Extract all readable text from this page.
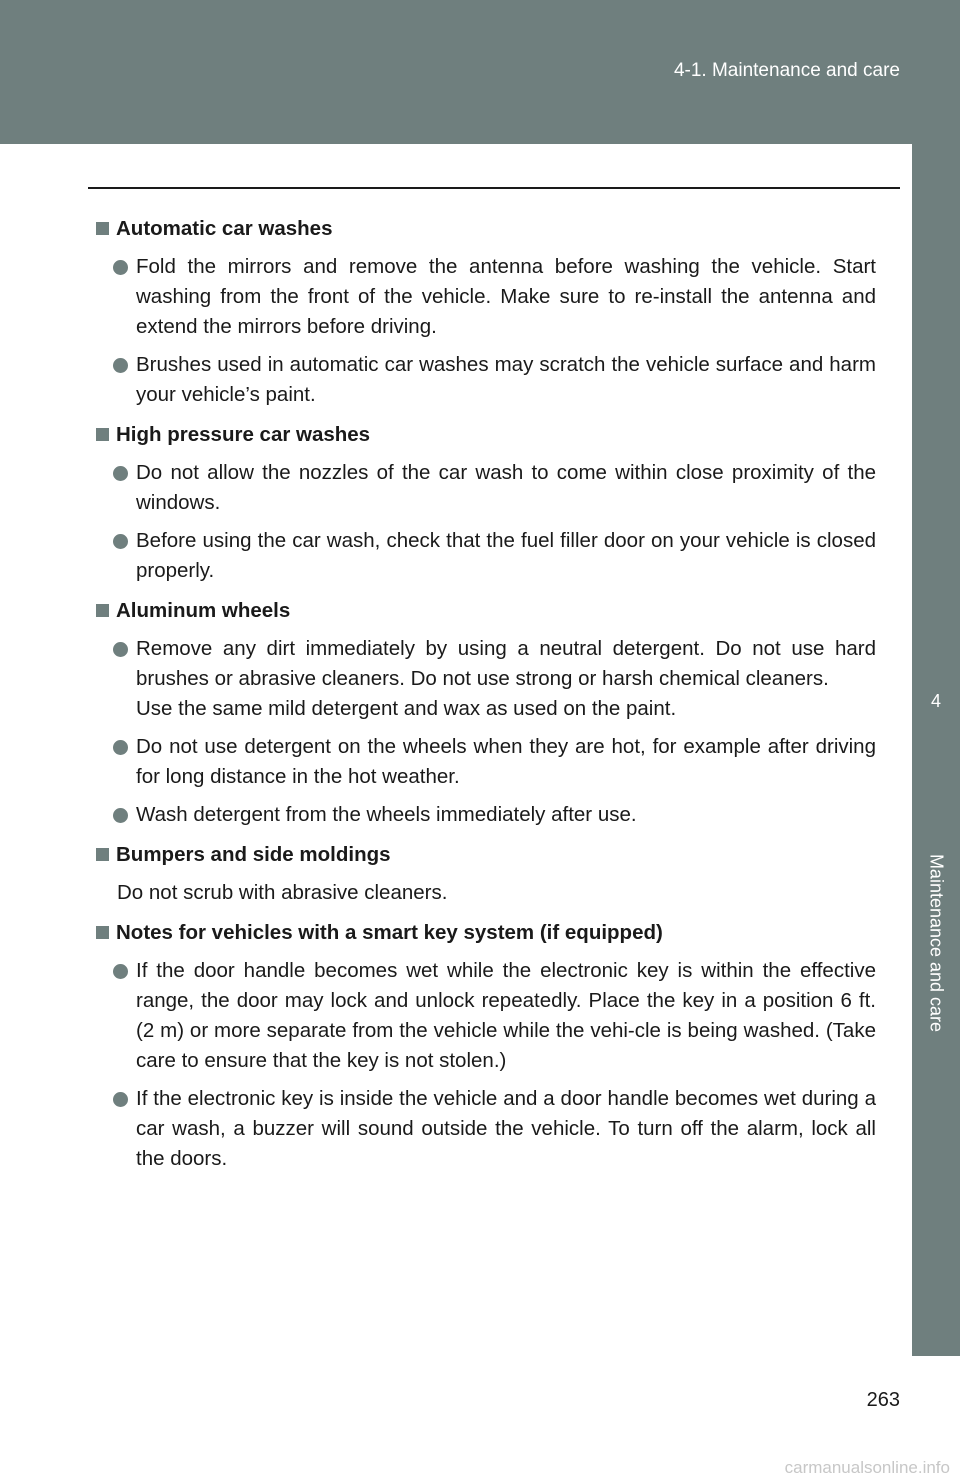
4-1. Maintenance and care
4
Maintenance and care
Automatic car washes
Fold the mirrors and remove the antenna before washing the vehicle. Start washing from the front of the vehicle. Make sure to re-install the antenna and extend the mirrors before driving.
Brushes used in automatic car washes may scratch the vehicle surface and harm your vehicle’s paint.
High pressure car washes
Do not allow the nozzles of the car wash to come within close proximity of the windows.
Before using the car wash, check that the fuel filler door on your vehicle is closed properly.
Aluminum wheels
Remove any dirt immediately by using a neutral detergent. Do not use hard brushes or abrasive cleaners. Do not use strong or harsh chemical cleaners.
Use the same mild detergent and wax as used on the paint.
Do not use detergent on the wheels when they are hot, for example after driving for long distance in the hot weather.
Wash detergent from the wheels immediately after use.
Bumpers and side moldings
Do not scrub with abrasive cleaners.
Notes for vehicles with a smart key system (if equipped)
If the door handle becomes wet while the electronic key is within the effective range, the door may lock and unlock repeatedly. Place the key in a position 6 ft. (2 m) or more separate from the vehicle while the vehi-cle is being washed. (Take care to ensure that the key is not stolen.)
If the electronic key is inside the vehicle and a door handle becomes wet during a car wash, a buzzer will sound outside the vehicle. To turn off the alarm, lock all the doors.
263
carmanualsonline.info
